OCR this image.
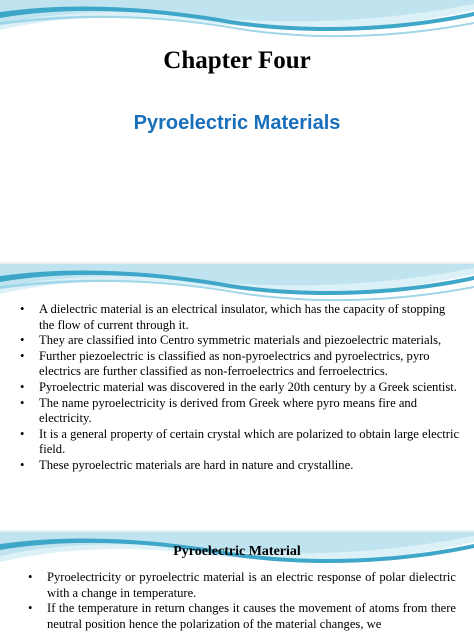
Chapter Four
Pyroelectric Materials
• A dielectric material is an electrical insulator, which has the capacity of stopping the flow of current through it.
• They are classified into Centro symmetric materials and piezoelectric materials,
• Further piezoelectric is classified as non-pyroelectrics and pyroelectrics, pyro electrics are further classified as non-ferroelectrics and ferroelectrics.
• Pyroelectric material was discovered in the early 20th century by a Greek scientist.
• The name pyroelectricity is derived from Greek where pyro means fire and electricity.
• It is a general property of certain crystal which are polarized to obtain large electric field.
• These pyroelectric materials are hard in nature and crystalline.
Pyroelectric Material
• Pyroelectricity or pyroelectric material is an electric response of polar dielectric with a change in temperature.
• If the temperature in return changes it causes the movement of atoms from there neutral position hence the polarization of the material changes, we
